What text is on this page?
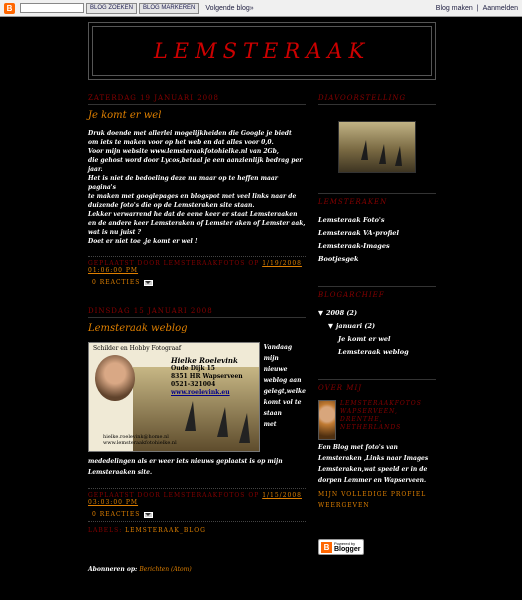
B	BLOG ZOEKEN	BLOG MARKEREN	Volgende blog»	Blog maken | Aanmelden
LEMSTERAAK
ZATERDAG 19 JANUARI 2008
Je komt er wel
Druk doende met allerlei mogelijkheiden die Google je biedt
om iets te maken voor op het web en dat alles voor 0,0.
Voor mijn website www.lemsteraakfotohielke.nl van 2Gb,
die gehost word door Lycos,betaal je een aanzienlijk bedrag per jaar.
Het is niet de bedoeling deze nu maar op te heffen maar pagina's
te maken met googlepages en blogspot met veel links naar de
duizende foto's die op de Lemsteraken site staan.
Lekker verwarrend he dat de eene keer er staat Lemsteraaken
en de andere keer Lemsteraken of Lemster aken of Lemster aak,
wat is nu juist ?
Doet er niet toe ,je komt er wel !
GEPLAATST DOOR LEMSTERAAKFOTOS OP 1/19/2008 01:06:00 PM
0 REACTIES
DINSDAG 15 JANUARI 2008
Lemsteraak weblog
Schilder en Hobby Fotograaf
Hielke Roelevink
Oude Dijk 15
8351 HR Wapserveen
0521-321004
www.roelevink.eu
hielke.roelevink@home.nl
www.lemsteraakfotohielke.nl
Vandaag
mijn
nieuwe
weblog aan
gelegt,welke
komt vol te
staan
met
mededelingen als er weer iets nieuws geplaatst is op mijn
Lemsteraaken site.
GEPLAATST DOOR LEMSTERAAKFOTOS OP 1/15/2008 03:03:00 PM
0 REACTIES
LABELS: LEMSTERAAK_BLOG
Abonneren op: Berichten (Atom)
DIAVOORSTELLING
LEMSTERAKEN
Lemsteraak Foto's
Lemsteraak VA-profiel
Lemsteraak-Images
Bootjesgek
BLOGARCHIEF
▼ 2008 (2)
▼ januari (2)
Je komt er wel
Lemsteraak weblog
OVER MIJ
LEMSTERAAKFOTOS
WAPSERVEEN, DRENTHE, NETHERLANDS
Een Blog met foto's van Lemsteraken ,Links naar Images Lemsteraken,wat speeld er in de dorpen Lemmer en Wapserveen.
MIJN VOLLEDIGE PROFIEL WEERGEVEN
B	Powered by
Blogger
